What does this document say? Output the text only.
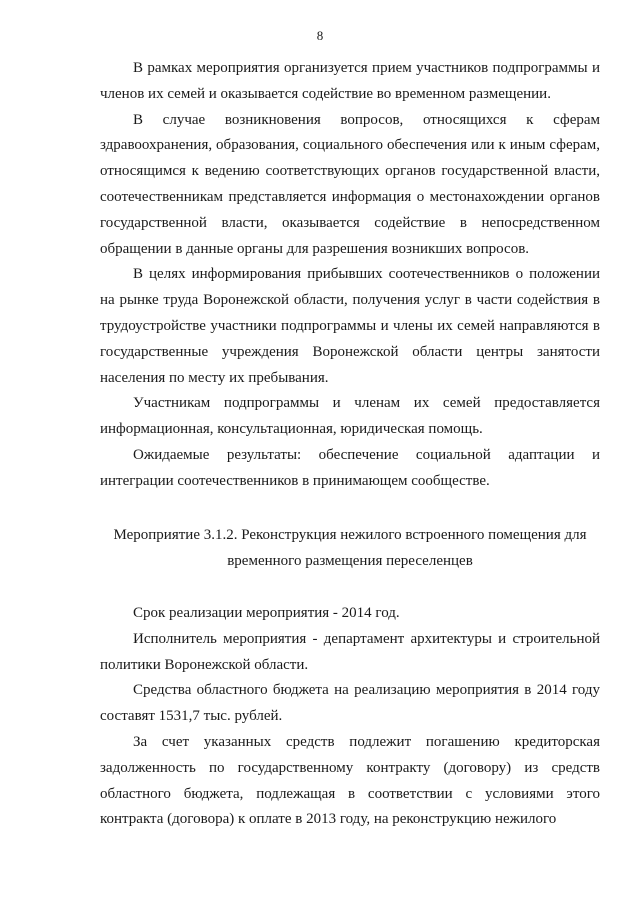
8

В рамках мероприятия организуется прием участников подпрограммы и членов их семей и оказывается содействие во временном размещении.

В случае возникновения вопросов, относящихся к сферам здравоохранения, образования, социального обеспечения или к иным сферам, относящимся к ведению соответствующих органов государственной власти, соотечественникам представляется информация о местонахождении органов государственной власти, оказывается содействие в непосредственном обращении в данные органы для разрешения возникших вопросов.

В целях информирования прибывших соотечественников о положении на рынке труда Воронежской области, получения услуг в части содействия в трудоустройстве участники подпрограммы и члены их семей направляются в государственные учреждения Воронежской области центры занятости населения по месту их пребывания.

Участникам подпрограммы и членам их семей предоставляется информационная, консультационная, юридическая помощь.

Ожидаемые результаты: обеспечение социальной адаптации и интеграции соотечественников в принимающем сообществе.

Мероприятие 3.1.2. Реконструкция нежилого встроенного помещения для
временного размещения переселенцев

Срок реализации мероприятия - 2014 год.

Исполнитель мероприятия - департамент архитектуры и строительной политики Воронежской области.

Средства областного бюджета на реализацию мероприятия в 2014 году составят 1531,7 тыс. рублей.

За счет указанных средств подлежит погашению кредиторская задолженность по государственному контракту (договору) из средств областного бюджета, подлежащая в соответствии с условиями этого контракта (договора) к оплате в 2013 году, на реконструкцию нежилого
